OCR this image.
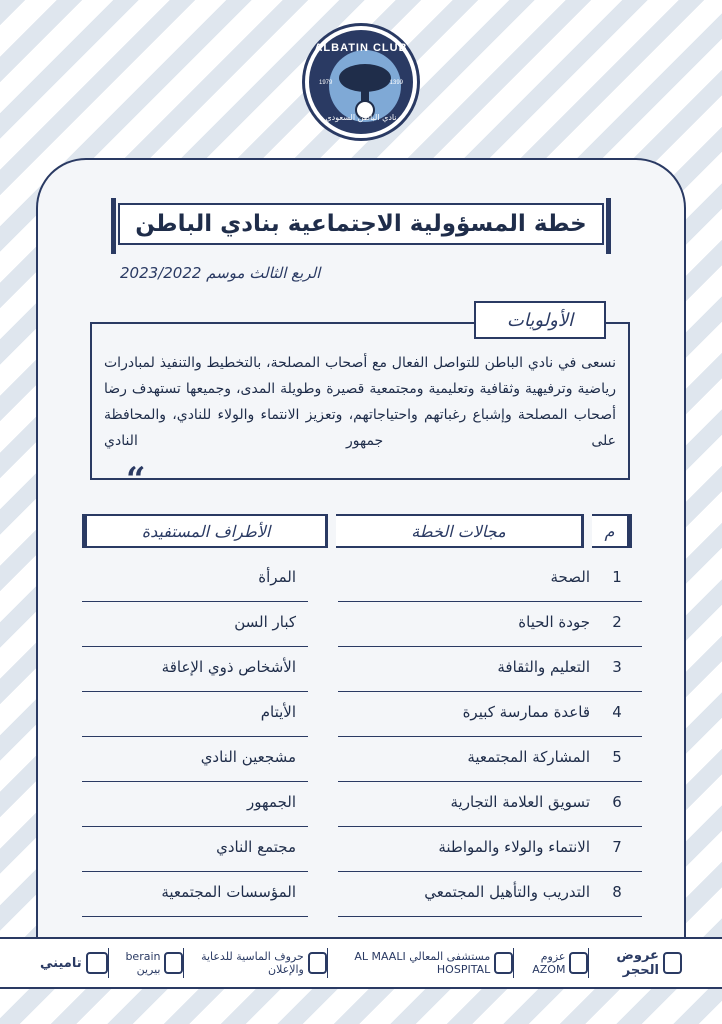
ALBATIN CLUB
1979	1399
نادي الباطن السعودي
خطة المسؤولية الاجتماعية بنادي الباطن
الربع الثالث موسم 2023/2022
الأولويات
نسعى في نادي الباطن للتواصل الفعال مع أصحاب المصلحة، بالتخطيط والتنفيذ لمبادرات رياضية وترفيهية وثقافية وتعليمية ومجتمعية قصيرة وطويلة المدى، وجميعها تستهدف رضا أصحاب المصلحة وإشباع رغباتهم واحتياجاتهم، وتعزيز الانتماء والولاء للنادي، والمحافظة على جمهور النادي
“
م
مجالات الخطة
الأطراف المستفيدة
1
الصحة
المرأة
2
جودة الحياة
كبار السن
3
التعليم والثقافة
الأشخاص ذوي الإعاقة
4
قاعدة ممارسة كبيرة
الأيتام
5
المشاركة المجتمعية
مشجعين النادي
6
تسويق العلامة التجارية
الجمهور
7
الانتماء والولاء والمواطنة
مجتمع النادي
8
التدريب والتأهيل المجتمعي
المؤسسات المجتمعية
عروض الحجر
عزوم AZOM
مستشفى المعالي AL MAALI HOSPITAL
حروف الماسية للدعاية والإعلان
berain بيرين
تاميني
